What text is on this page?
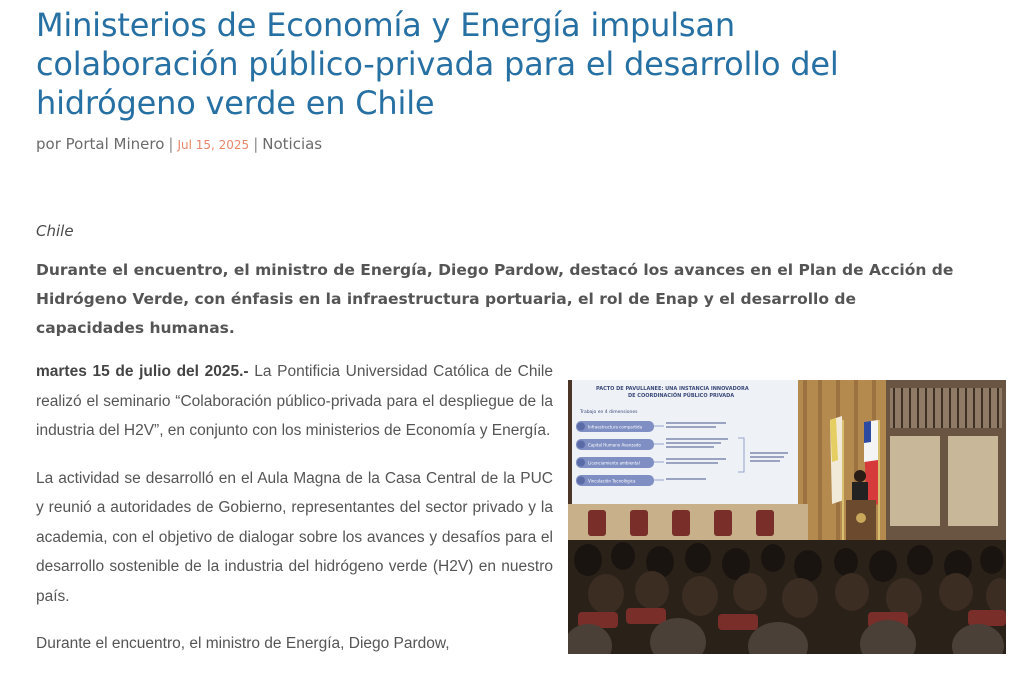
Ministerios de Economía y Energía impulsan colaboración público-privada para el desarrollo del hidrógeno verde en Chile
por Portal Minero | Jul 15, 2025 | Noticias
Chile

Durante el encuentro, el ministro de Energía, Diego Pardow, destacó los avances en el Plan de Acción de Hidrógeno Verde, con énfasis en la infraestructura portuaria, el rol de Enap y el desarrollo de capacidades humanas.

martes 15 de julio del 2025.- La Pontificia Universidad Católica de Chile realizó el seminario “Colaboración público-privada para el despliegue de la industria del H2V”, en conjunto con los ministerios de Economía y Energía.

La actividad se desarrolló en el Aula Magna de la Casa Central de la PUC y reunió a autoridades de Gobierno, representantes del sector privado y la academia, con el objetivo de dialogar sobre los avances y desafíos para el desarrollo sostenible de la industria del hidrógeno verde (H2V) en nuestro país.

Durante el encuentro, el ministro de Energía, Diego Pardow,

PACTO DE PAVULLANEE: UNA INSTANCIA INNOVADORA
DE COORDINACIÓN PÚBLICO PRIVADA
Trabajo en 4 dimensiones
Infraestructura compartida
Capital Humano Avanzado
Licenciamiento ambiental
Vinculación Tecnológica
